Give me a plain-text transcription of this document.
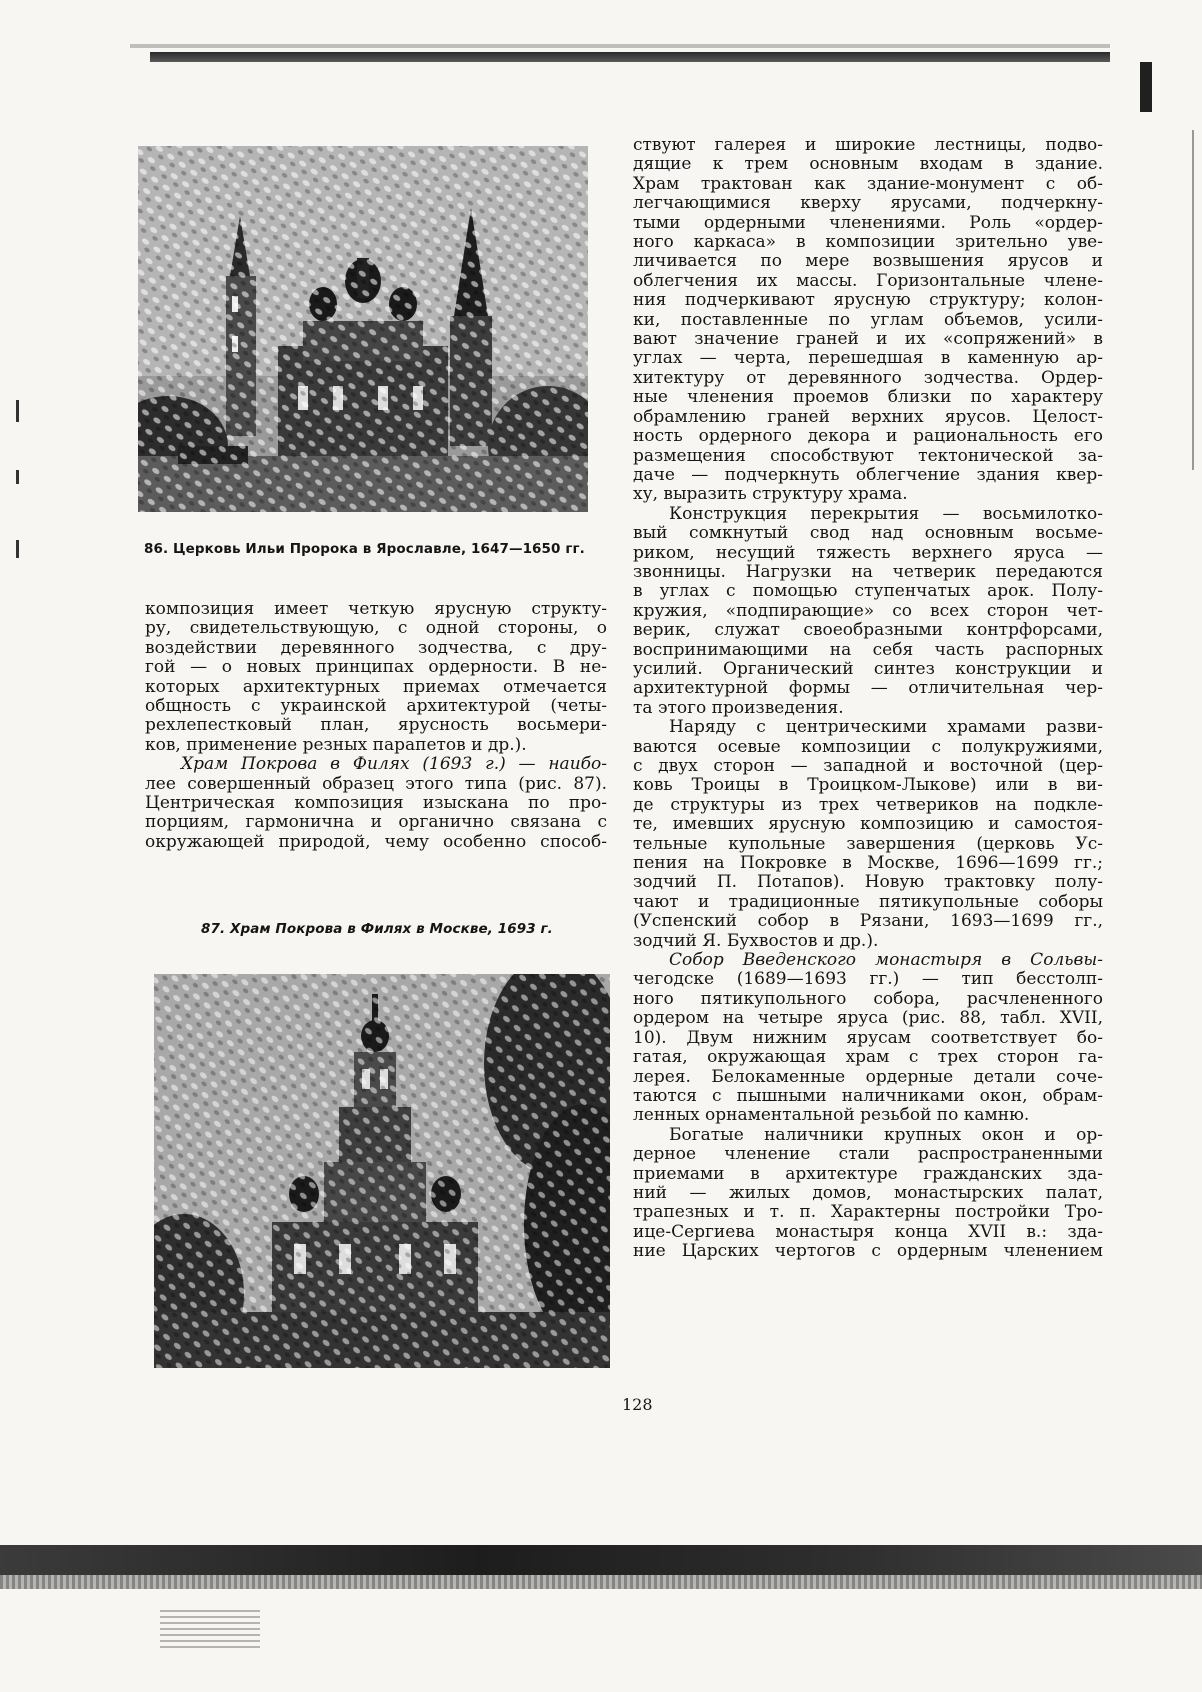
86. Церковь Ильи Пророка в Ярославле, 1647—1650 гг.
композиция имеет четкую ярусную структу-
ру, свидетельствующую, с одной стороны, о
воздействии деревянного зодчества, с дру-
гой — о новых принципах ордерности. В не-
которых архитектурных приемах отмечается
общность с украинской архитектурой (четы-
рехлепестковый план, ярусность восьмери-
ков, применение резных парапетов и др.).
Храм Покрова в Филях (1693 г.) — наибо-
лее совершенный образец этого типа (рис. 87).
Центрическая композиция изыскана по про-
порциям, гармонична и органично связана с
окружающей природой, чему особенно способ-
87. Храм Покрова в Филях в Москве, 1693 г.
ствуют галерея и широкие лестницы, подво-
дящие к трем основным входам в здание.
Храм трактован как здание-монумент с об-
легчающимися кверху ярусами, подчеркну-
тыми ордерными членениями. Роль «ордер-
ного каркаса» в композиции зрительно уве-
личивается по мере возвышения ярусов и
облегчения их массы. Горизонтальные члене-
ния подчеркивают ярусную структуру; колон-
ки, поставленные по углам объемов, усили-
вают значение граней и их «сопряжений» в
углах — черта, перешедшая в каменную ар-
хитектуру от деревянного зодчества. Ордер-
ные членения проемов близки по характеру
обрамлению граней верхних ярусов. Целост-
ность ордерного декора и рациональность его
размещения способствуют тектонической за-
даче — подчеркнуть облегчение здания квер-
ху, выразить структуру храма.
Конструкция перекрытия — восьмилотко-
вый сомкнутый свод над основным восьме-
риком, несущий тяжесть верхнего яруса —
звонницы. Нагрузки на четверик передаются
в углах с помощью ступенчатых арок. Полу-
кружия, «подпирающие» со всех сторон чет-
верик, служат своеобразными контрфорсами,
воспринимающими на себя часть распорных
усилий. Органический синтез конструкции и
архитектурной формы — отличительная чер-
та этого произведения.
Наряду с центрическими храмами разви-
ваются осевые композиции с полукружиями,
с двух сторон — западной и восточной (цер-
ковь Троицы в Троицком-Лыкове) или в ви-
де структуры из трех четвериков на подкле-
те, имевших ярусную композицию и самостоя-
тельные купольные завершения (церковь Ус-
пения на Покровке в Москве, 1696—1699 гг.;
зодчий П. Потапов). Новую трактовку полу-
чают и традиционные пятикупольные соборы
(Успенский собор в Рязани, 1693—1699 гг.,
зодчий Я. Бухвостов и др.).
Собор Введенского монастыря в Сольвы-
чегодске (1689—1693 гг.) — тип бесстолп-
ного пятикупольного собора, расчлененного
ордером на четыре яруса (рис. 88, табл. XVII,
10). Двум нижним ярусам соответствует бо-
гатая, окружающая храм с трех сторон га-
лерея. Белокаменные ордерные детали соче-
таются с пышными наличниками окон, обрам-
ленных орнаментальной резьбой по камню.
Богатые наличники крупных окон и ор-
дерное членение стали распространенными
приемами в архитектуре гражданских зда-
ний — жилых домов, монастырских палат,
трапезных и т. п. Характерны постройки Тро-
ице-Сергиева монастыря конца XVII в.: зда-
ние Царских чертогов с ордерным членением
128
